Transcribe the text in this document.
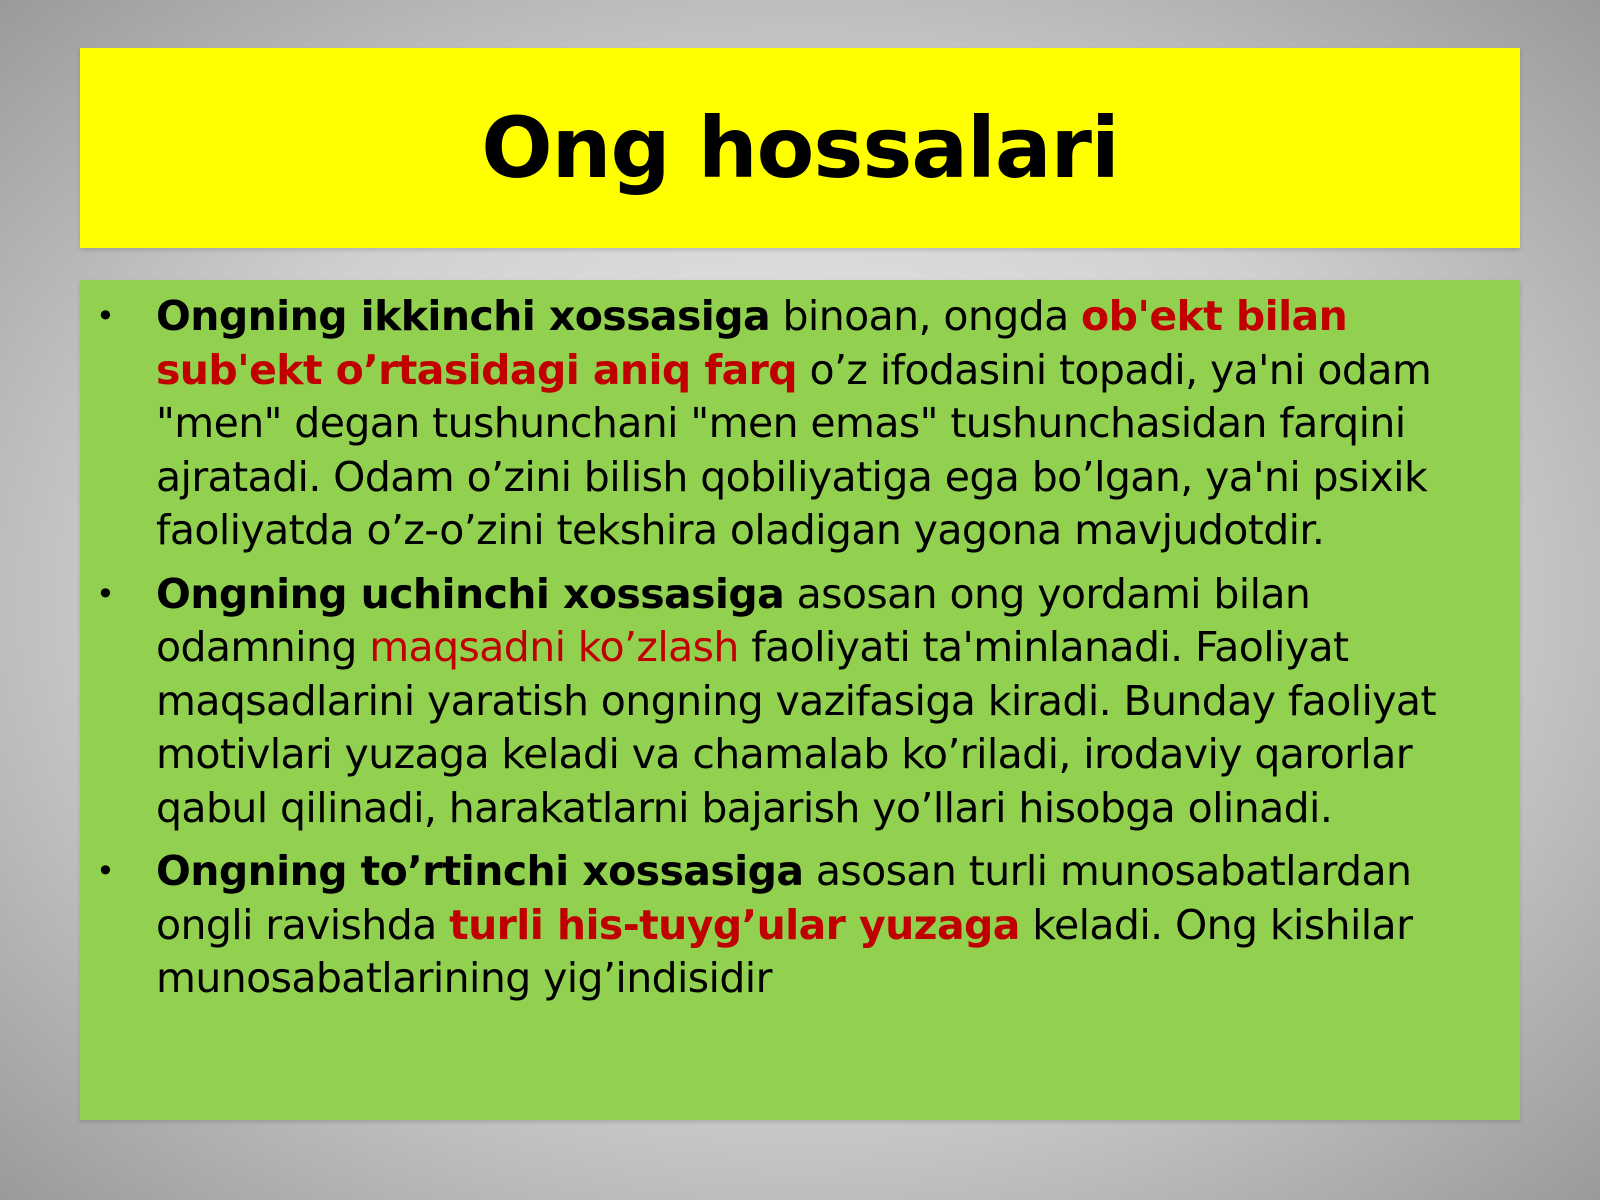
Ong hossalari
• Ongning ikkinchi xossasiga binoan, ongda ob'ekt bilan sub'ekt o’rtasidagi aniq farq o’z ifodasini topadi, ya'ni odam "men" degan tushunchani "men emas" tushunchasidan farqini ajratadi. Odam o’zini bilish qobiliyatiga ega bo’lgan, ya'ni psixik faoliyatda o’z-o’zini tekshira oladigan yagona mavjudotdir.
• Ongning uchinchi xossasiga asosan ong yordami bilan odamning maqsadni ko’zlash faoliyati ta'minlanadi. Faoliyat maqsadlarini yaratish ongning vazifasiga kiradi. Bunday faoliyat motivlari yuzaga keladi va chamalab ko’riladi, irodaviy qarorlar qabul qilinadi, harakatlarni bajarish yo’llari hisobga olinadi.
• Ongning to’rtinchi xossasiga asosan turli munosabatlardan ongli ravishda turli his-tuyg’ular yuzaga keladi. Ong kishilar munosabatlarining yig’indisidir
